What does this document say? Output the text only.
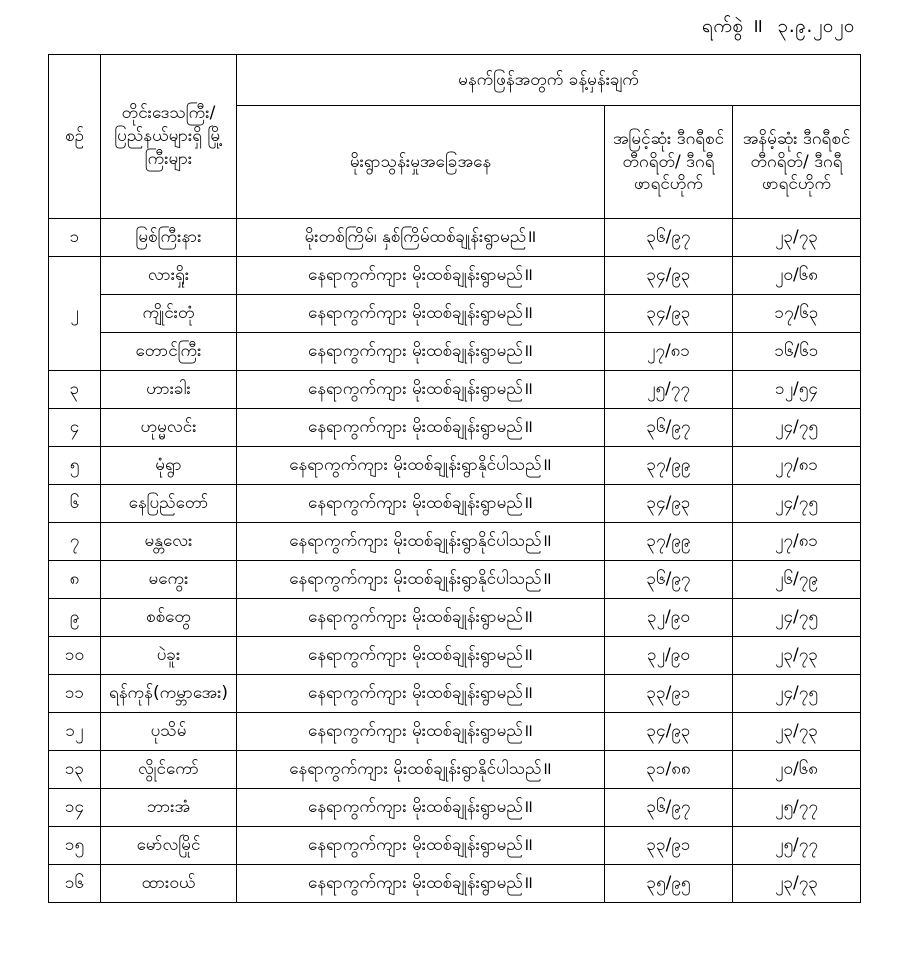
ရက်စွဲ ॥ ၃.၉.၂၀၂၀
စဉ်	တိုင်းဒေသကြီး/ ပြည်နယ်များရှိ မြို့ကြီးများ	မနက်ဖြန်အတွက် ခန့်မှန်းချက်		
		မိုးရွာသွန်းမှုအခြေအနေ	အမြင့်ဆုံး ဒီဂရီစင်တီဂရိတ်/ ဒီဂရီဖာရင်ဟိုက်	အနိမ့်ဆုံး ဒီဂရီစင်တီဂရိတ်/ ဒီဂရီဖာရင်ဟိုက်
၁	မြစ်ကြီးနား	မိုးတစ်ကြိမ်၊ နှစ်ကြိမ်ထစ်ချုန်းရွာမည်॥	၃၆/၉၇	၂၃/၇၃
၂	လားရှိုး	နေရာကွက်ကျား မိုးထစ်ချုန်းရွာမည်॥	၃၄/၉၃	၂၀/၆၈
	ကျိုင်းတုံ	နေရာကွက်ကျား မိုးထစ်ချုန်းရွာမည်॥	၃၄/၉၃	၁၇/၆၃
	တောင်ကြီး	နေရာကွက်ကျား မိုးထစ်ချုန်းရွာမည်॥	၂၇/၈၁	၁၆/၆၁
၃	ဟားခါး	နေရာကွက်ကျား မိုးထစ်ချုန်းရွာမည်॥	၂၅/၇၇	၁၂/၅၄
၄	ဟုမ္မလင်း	နေရာကွက်ကျား မိုးထစ်ချုန်းရွာမည်॥	၃၆/၉၇	၂၄/၇၅
၅	မုံရွာ	နေရာကွက်ကျား မိုးထစ်ချုန်းရွာနိုင်ပါသည်॥	၃၇/၉၉	၂၇/၈၁
၆	နေပြည်တော်	နေရာကွက်ကျား မိုးထစ်ချုန်းရွာမည်॥	၃၄/၉၃	၂၄/၇၅
၇	မန္တလေး	နေရာကွက်ကျား မိုးထစ်ချုန်းရွာနိုင်ပါသည်॥	၃၇/၉၉	၂၇/၈၁
၈	မကွေး	နေရာကွက်ကျား မိုးထစ်ချုန်းရွာနိုင်ပါသည်॥	၃၆/၉၇	၂၆/၇၉
၉	စစ်တွေ	နေရာကွက်ကျား မိုးထစ်ချုန်းရွာမည်॥	၃၂/၉၀	၂၄/၇၅
၁၀	ပဲခူး	နေရာကွက်ကျား မိုးထစ်ချုန်းရွာမည်॥	၃၂/၉၀	၂၃/၇၃
၁၁	ရန်ကုန်(ကမ္ဘာအေး)	နေရာကွက်ကျား မိုးထစ်ချုန်းရွာမည်॥	၃၃/၉၁	၂၄/၇၅
၁၂	ပုသိမ်	နေရာကွက်ကျား မိုးထစ်ချုန်းရွာမည်॥	၃၄/၉၃	၂၃/၇၃
၁၃	လွိုင်ကော်	နေရာကွက်ကျား မိုးထစ်ချုန်းရွာနိုင်ပါသည်॥	၃၁/၈၈	၂၀/၆၈
၁၄	ဘားအံ	နေရာကွက်ကျား မိုးထစ်ချုန်းရွာမည်॥	၃၆/၉၇	၂၅/၇၇
၁၅	မော်လမြိုင်	နေရာကွက်ကျား မိုးထစ်ချုန်းရွာမည်॥	၃၃/၉၁	၂၅/၇၇
၁၆	ထားဝယ်	နေရာကွက်ကျား မိုးထစ်ချုန်းရွာမည်॥	၃၅/၉၅	၂၃/၇၃
